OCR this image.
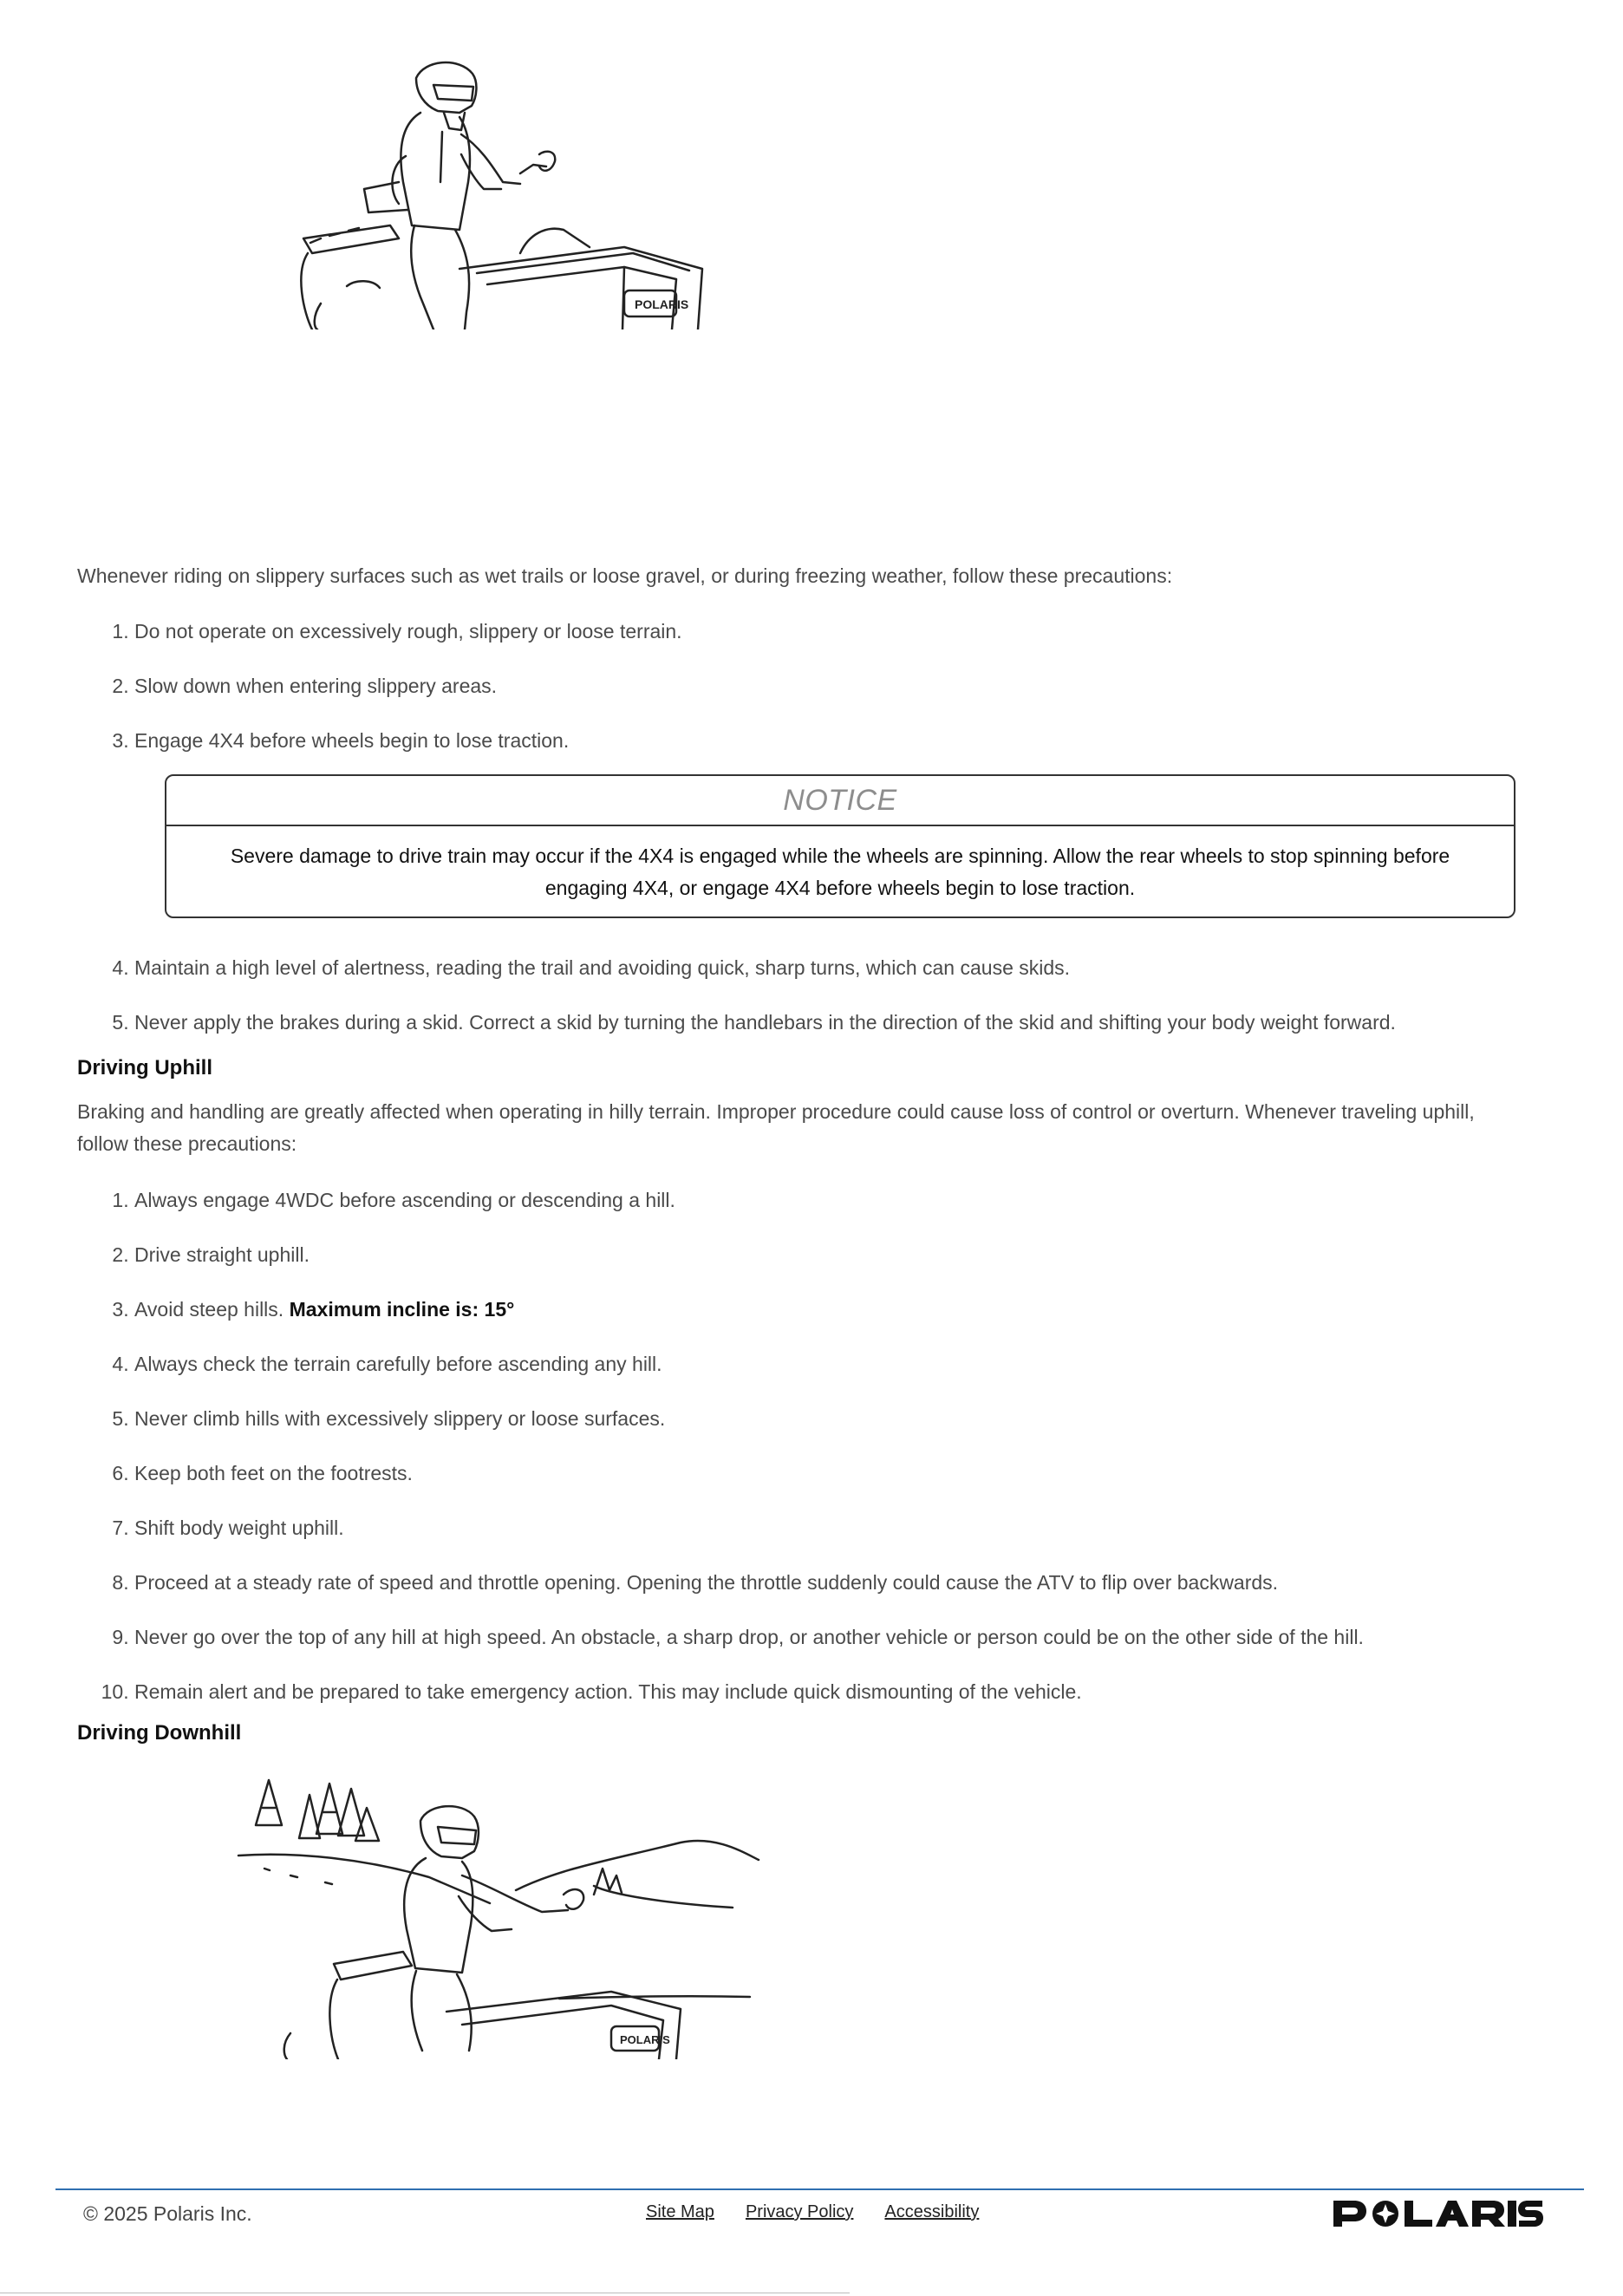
POLARIS

Whenever riding on slippery surfaces such as wet trails or loose gravel, or during freezing weather, follow these precautions:

1. Do not operate on excessively rough, slippery or loose terrain.
2. Slow down when entering slippery areas.
3. Engage 4X4 before wheels begin to lose traction.
NOTICE
Severe damage to drive train may occur if the 4X4 is engaged while the wheels are spinning. Allow the rear wheels to stop spinning before engaging 4X4, or engage 4X4 before wheels begin to lose traction.
4. Maintain a high level of alertness, reading the trail and avoiding quick, sharp turns, which can cause skids.
5. Never apply the brakes during a skid. Correct a skid by turning the handlebars in the direction of the skid and shifting your body weight forward.
Driving Uphill

Braking and handling are greatly affected when operating in hilly terrain. Improper procedure could cause loss of control or overturn. Whenever traveling uphill, follow these precautions:

1. Always engage 4WDC before ascending or descending a hill.
2. Drive straight uphill.
3. Avoid steep hills. Maximum incline is: 15°
4. Always check the terrain carefully before ascending any hill.
5. Never climb hills with excessively slippery or loose surfaces.
6. Keep both feet on the footrests.
7. Shift body weight uphill.
8. Proceed at a steady rate of speed and throttle opening. Opening the throttle suddenly could cause the ATV to flip over backwards.
9. Never go over the top of any hill at high speed. An obstacle, a sharp drop, or another vehicle or person could be on the other side of the hill.
10. Remain alert and be prepared to take emergency action. This may include quick dismounting of the vehicle.
Driving Downhill
POLARIS
© 2025 Polaris Inc.	Site Map Privacy Policy Accessibility
